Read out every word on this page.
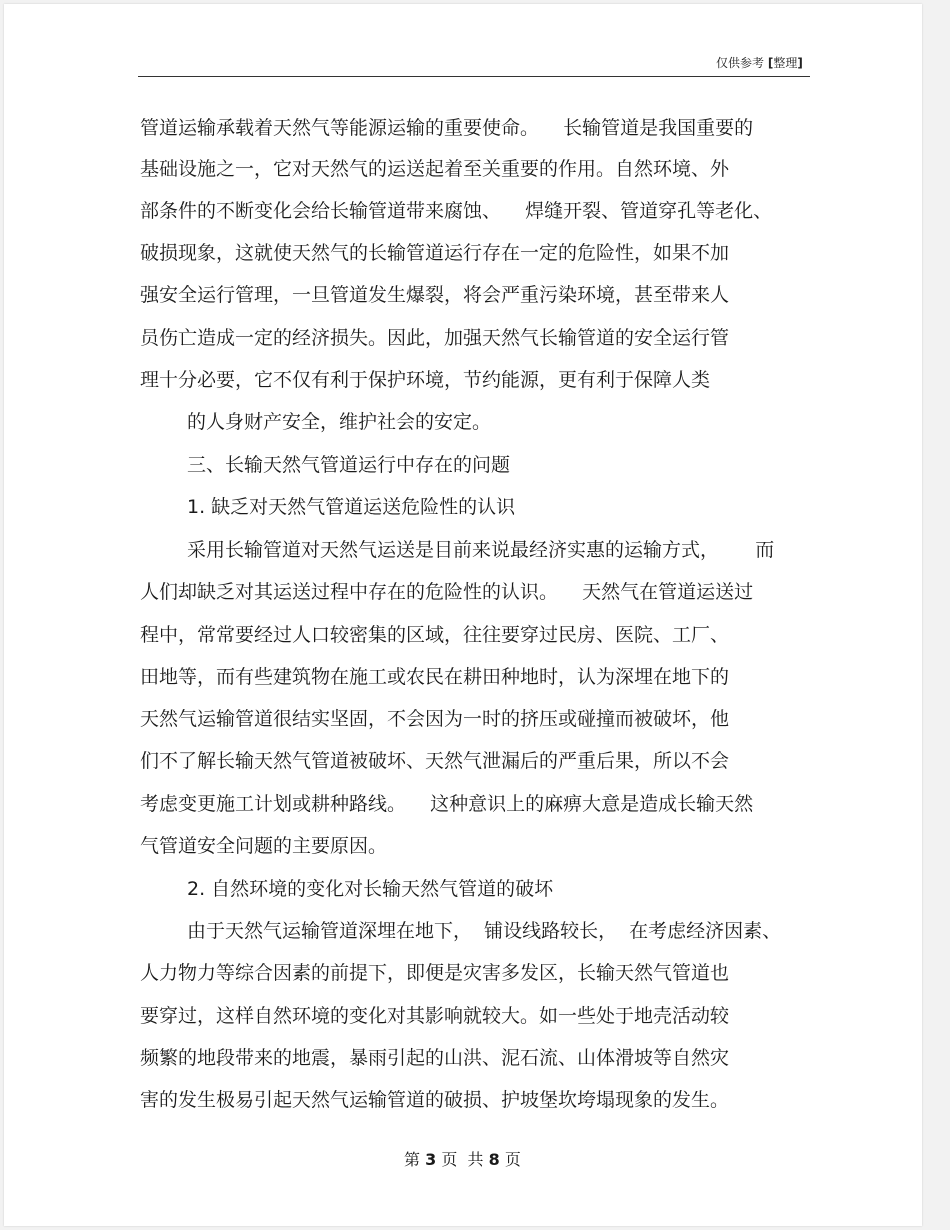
仅供参考 [整理]
管道运输承载着天然气等能源运输的重要使命。    长输管道是我国重要的
基础设施之一，它对天然气的运送起着至关重要的作用。自然环境、外
部条件的不断变化会给长输管道带来腐蚀、    焊缝开裂、管道穿孔等老化、
破损现象，这就使天然气的长输管道运行存在一定的危险性，如果不加
强安全运行管理，一旦管道发生爆裂，将会严重污染环境，甚至带来人
员伤亡造成一定的经济损失。因此，加强天然气长输管道的安全运行管
理十分必要，它不仅有利于保护环境，节约能源，更有利于保障人类
的人身财产安全，维护社会的安定。
三、长输天然气管道运行中存在的问题
1. 缺乏对天然气管道运送危险性的认识
采用长输管道对天然气运送是目前来说最经济实惠的运输方式，      而
人们却缺乏对其运送过程中存在的危险性的认识。    天然气在管道运送过
程中，常常要经过人口较密集的区域，往往要穿过民房、医院、工厂、
田地等，而有些建筑物在施工或农民在耕田种地时，认为深埋在地下的
天然气运输管道很结实坚固，不会因为一时的挤压或碰撞而被破坏，他
们不了解长输天然气管道被破坏、天然气泄漏后的严重后果，所以不会
考虑变更施工计划或耕种路线。    这种意识上的麻痹大意是造成长输天然
气管道安全问题的主要原因。
2. 自然环境的变化对长输天然气管道的破坏
由于天然气运输管道深埋在地下，  铺设线路较长，  在考虑经济因素、
人力物力等综合因素的前提下，即便是灾害多发区，长输天然气管道也
要穿过，这样自然环境的变化对其影响就较大。如一些处于地壳活动较
频繁的地段带来的地震，暴雨引起的山洪、泥石流、山体滑坡等自然灾
害的发生极易引起天然气运输管道的破损、护坡堡坎垮塌现象的发生。
第 3 页  共 8 页
